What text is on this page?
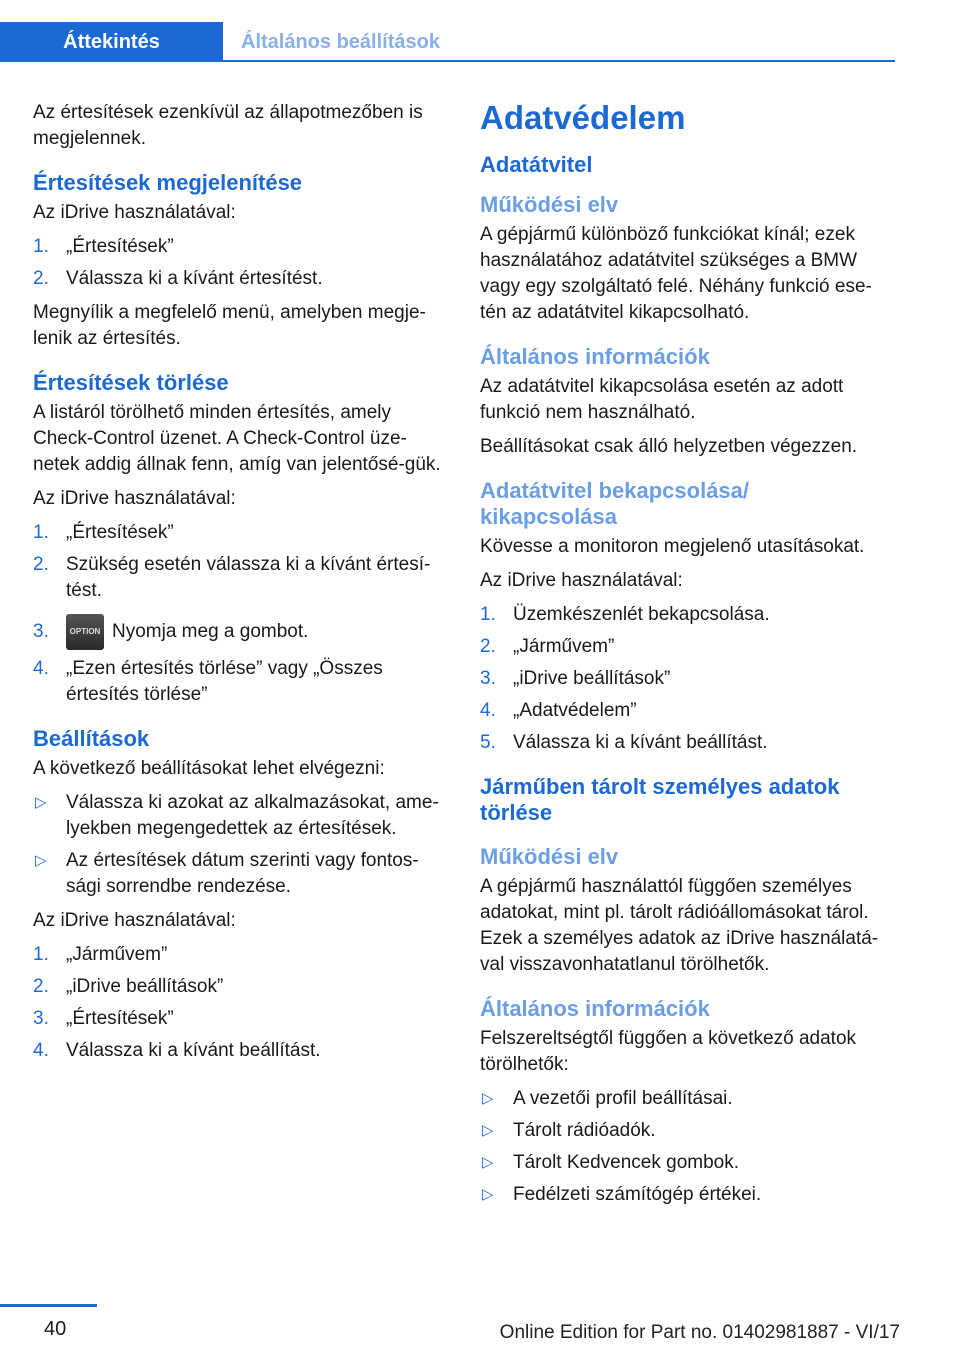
Áttekintés	Általános beállítások

Az értesítések ezenkívül az állapotmezőben is megjelennek.

Értesítések megjelenítése

Az iDrive használatával:

1. „Értesítések”
2. Válassza ki a kívánt értesítést.

Megnyílik a megfelelő menü, amelyben megje‐lenik az értesítés.

Értesítések törlése

A listáról törölhető minden értesítés, amely Check-Control üzenet. A Check-Control üze‐netek addig állnak fenn, amíg van jelentősé‐gük.

Az iDrive használatával:

1. „Értesítések”
2. Szükség esetén válassza ki a kívánt értesí‐tést.
3.	OPTION Nyomja meg a gombot.
4. „Ezen értesítés törlése” vagy „Összes értesítés törlése”
Beállítások

A következő beállításokat lehet elvégezni:

▷ Válassza ki azokat az alkalmazásokat, ame‐lyekben megengedettek az értesítések.
▷ Az értesítések dátum szerinti vagy fontos‐sági sorrendbe rendezése.

Az iDrive használatával:

1. „Járművem”
2. „iDrive beállítások”
3. „Értesítések”
4. Válassza ki a kívánt beállítást.
Adatvédelem
Adatátvitel
Működési elv

A gépjármű különböző funkciókat kínál; ezek használatához adatátvitel szükséges a BMW vagy egy szolgáltató felé. Néhány funkció ese‐tén az adatátvitel kikapcsolható.

Általános információk

Az adatátvitel kikapcsolása esetén az adott funkció nem használható.

Beállításokat csak álló helyzetben végezzen.

Adatátvitel bekapcsolása/ kikapcsolása

Kövesse a monitoron megjelenő utasításokat.

Az iDrive használatával:

1. Üzemkészenlét bekapcsolása.
2. „Járművem”
3. „iDrive beállítások”
4. „Adatvédelem”
5. Válassza ki a kívánt beállítást.
Járműben tárolt személyes adatok törlése
Működési elv

A gépjármű használattól függően személyes adatokat, mint pl. tárolt rádióállomásokat tárol. Ezek a személyes adatok az iDrive használatá‐val visszavonhatatlanul törölhetők.

Általános információk

Felszereltségtől függően a következő adatok törölhetők:

▷ A vezetői profil beállításai.
▷ Tárolt rádióadók.
▷ Tárolt Kedvencek gombok.
▷ Fedélzeti számítógép értékei.
40	Online Edition for Part no. 01402981887 - VI/17
